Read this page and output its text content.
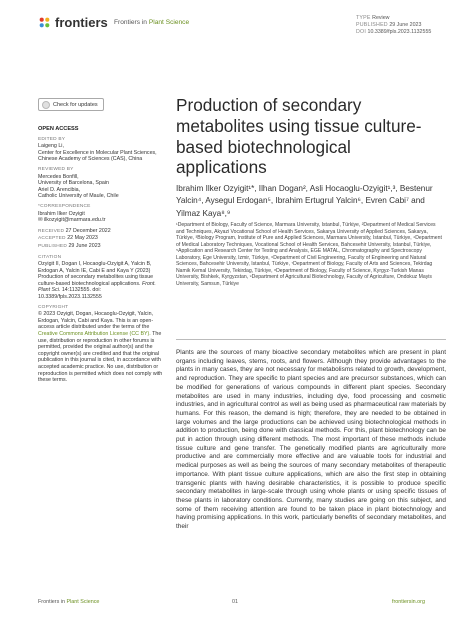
frontiers Frontiers in Plant Science
TYPE Review
PUBLISHED 29 June 2023
DOI 10.3389/fpls.2023.1132555
Check for updates
OPEN ACCESS
EDITED BY
Laigeng Li,
Center for Excellence in Molecular Plant Sciences, Chinese Academy of Sciences (CAS), China
REVIEWED BY
Mercedes Bonfill,
University of Barcelona, Spain
Ariel D. Arencibia,
Catholic University of Maule, Chile
*CORRESPONDENCE
Ibrahim Ilker Ozyigit
✉ ilkozyigit@marmara.edu.tr
RECEIVED 27 December 2022
ACCEPTED 22 May 2023
PUBLISHED 29 June 2023
CITATION
Ozyigit II, Dogan I, Hocaoglu-Ozyigit A, Yalcin B, Erdogan A, Yalcin IE, Cabi E and Kaya Y (2023) Production of secondary metabolites using tissue culture-based biotechnological applications. Front. Plant Sci. 14:1132555. doi: 10.3389/fpls.2023.1132555
COPYRIGHT
© 2023 Ozyigit, Dogan, Hocaoglu-Ozyigit, Yalcin, Erdogan, Yalcin, Cabi and Kaya. This is an open-access article distributed under the terms of the Creative Commons Attribution License (CC BY). The use, distribution or reproduction in other forums is permitted, provided the original author(s) and the copyright owner(s) are credited and that the original publication in this journal is cited, in accordance with accepted academic practice. No use, distribution or reproduction is permitted which does not comply with these terms.
Production of secondary metabolites using tissue culture-based biotechnological applications
Ibrahim Ilker Ozyigit¹*, Ilhan Dogan², Asli Hocaoglu-Ozyigit¹,³, Bestenur Yalcin⁴, Aysegul Erdogan⁵, Ibrahim Ertugrul Yalcin⁶, Evren Cabi⁷ and Yilmaz Kaya⁸,⁹
¹Department of Biology, Faculty of Science, Marmara University, Istanbul, Türkiye, ²Department of Medical Services and Techniques, Akyazi Vocational School of Health Services, Sakarya University of Applied Sciences, Sakarya, Türkiye, ³Biology Program, Institute of Pure and Applied Sciences, Marmara University, Istanbul, Türkiye, ⁴Department of Medical Laboratory Techniques, Vocational School of Health Services, Bahcesehir University, Istanbul, Türkiye, ⁵Application and Research Center for Testing and Analysis, EGE MATAL, Chromatography and Spectroscopy Laboratory, Ege University, Izmir, Türkiye, ⁶Department of Civil Engineering, Faculty of Engineering and Natural Sciences, Bahcesehir University, Istanbul, Türkiye, ⁷Department of Biology, Faculty of Arts and Sciences, Tekirdag Namik Kemal University, Tekirdag, Türkiye, ⁸Department of Biology, Faculty of Science, Kyrgyz-Turkish Manas University, Bishkek, Kyrgyzstan, ⁹Department of Agricultural Biotechnology, Faculty of Agriculture, Ondokuz Mayis University, Samsun, Türkiye
Plants are the sources of many bioactive secondary metabolites which are present in plant organs including leaves, stems, roots, and flowers. Although they provide advantages to the plants in many cases, they are not necessary for metabolisms related to growth, development, and reproduction. They are specific to plant species and are precursor substances, which can be modified for generations of various compounds in different plant species. Secondary metabolites are used in many industries, including dye, food processing and cosmetic industries, and in agricultural control as well as being used as pharmaceutical raw materials by humans. For this reason, the demand is high; therefore, they are needed to be obtained in large volumes and the large productions can be achieved using biotechnological methods in addition to production, being done with classical methods. For this, plant biotechnology can be put in action through using different methods. The most important of these methods include tissue culture and gene transfer. The genetically modified plants are agriculturally more productive and are commercially more effective and are valuable tools for industrial and medical purposes as well as being the sources of many secondary metabolites of therapeutic importance. With plant tissue culture applications, which are also the first step in obtaining transgenic plants with having desirable characteristics, it is possible to produce specific secondary metabolites in large-scale through using whole plants or using specific tissues of these plants in laboratory conditions. Currently, many studies are going on this subject, and some of them receiving attention are found to be taken place in plant biotechnology and having promising applications. In this work, particularly benefits of secondary metabolites, and their
Frontiers in Plant Science	01	frontiersin.org
